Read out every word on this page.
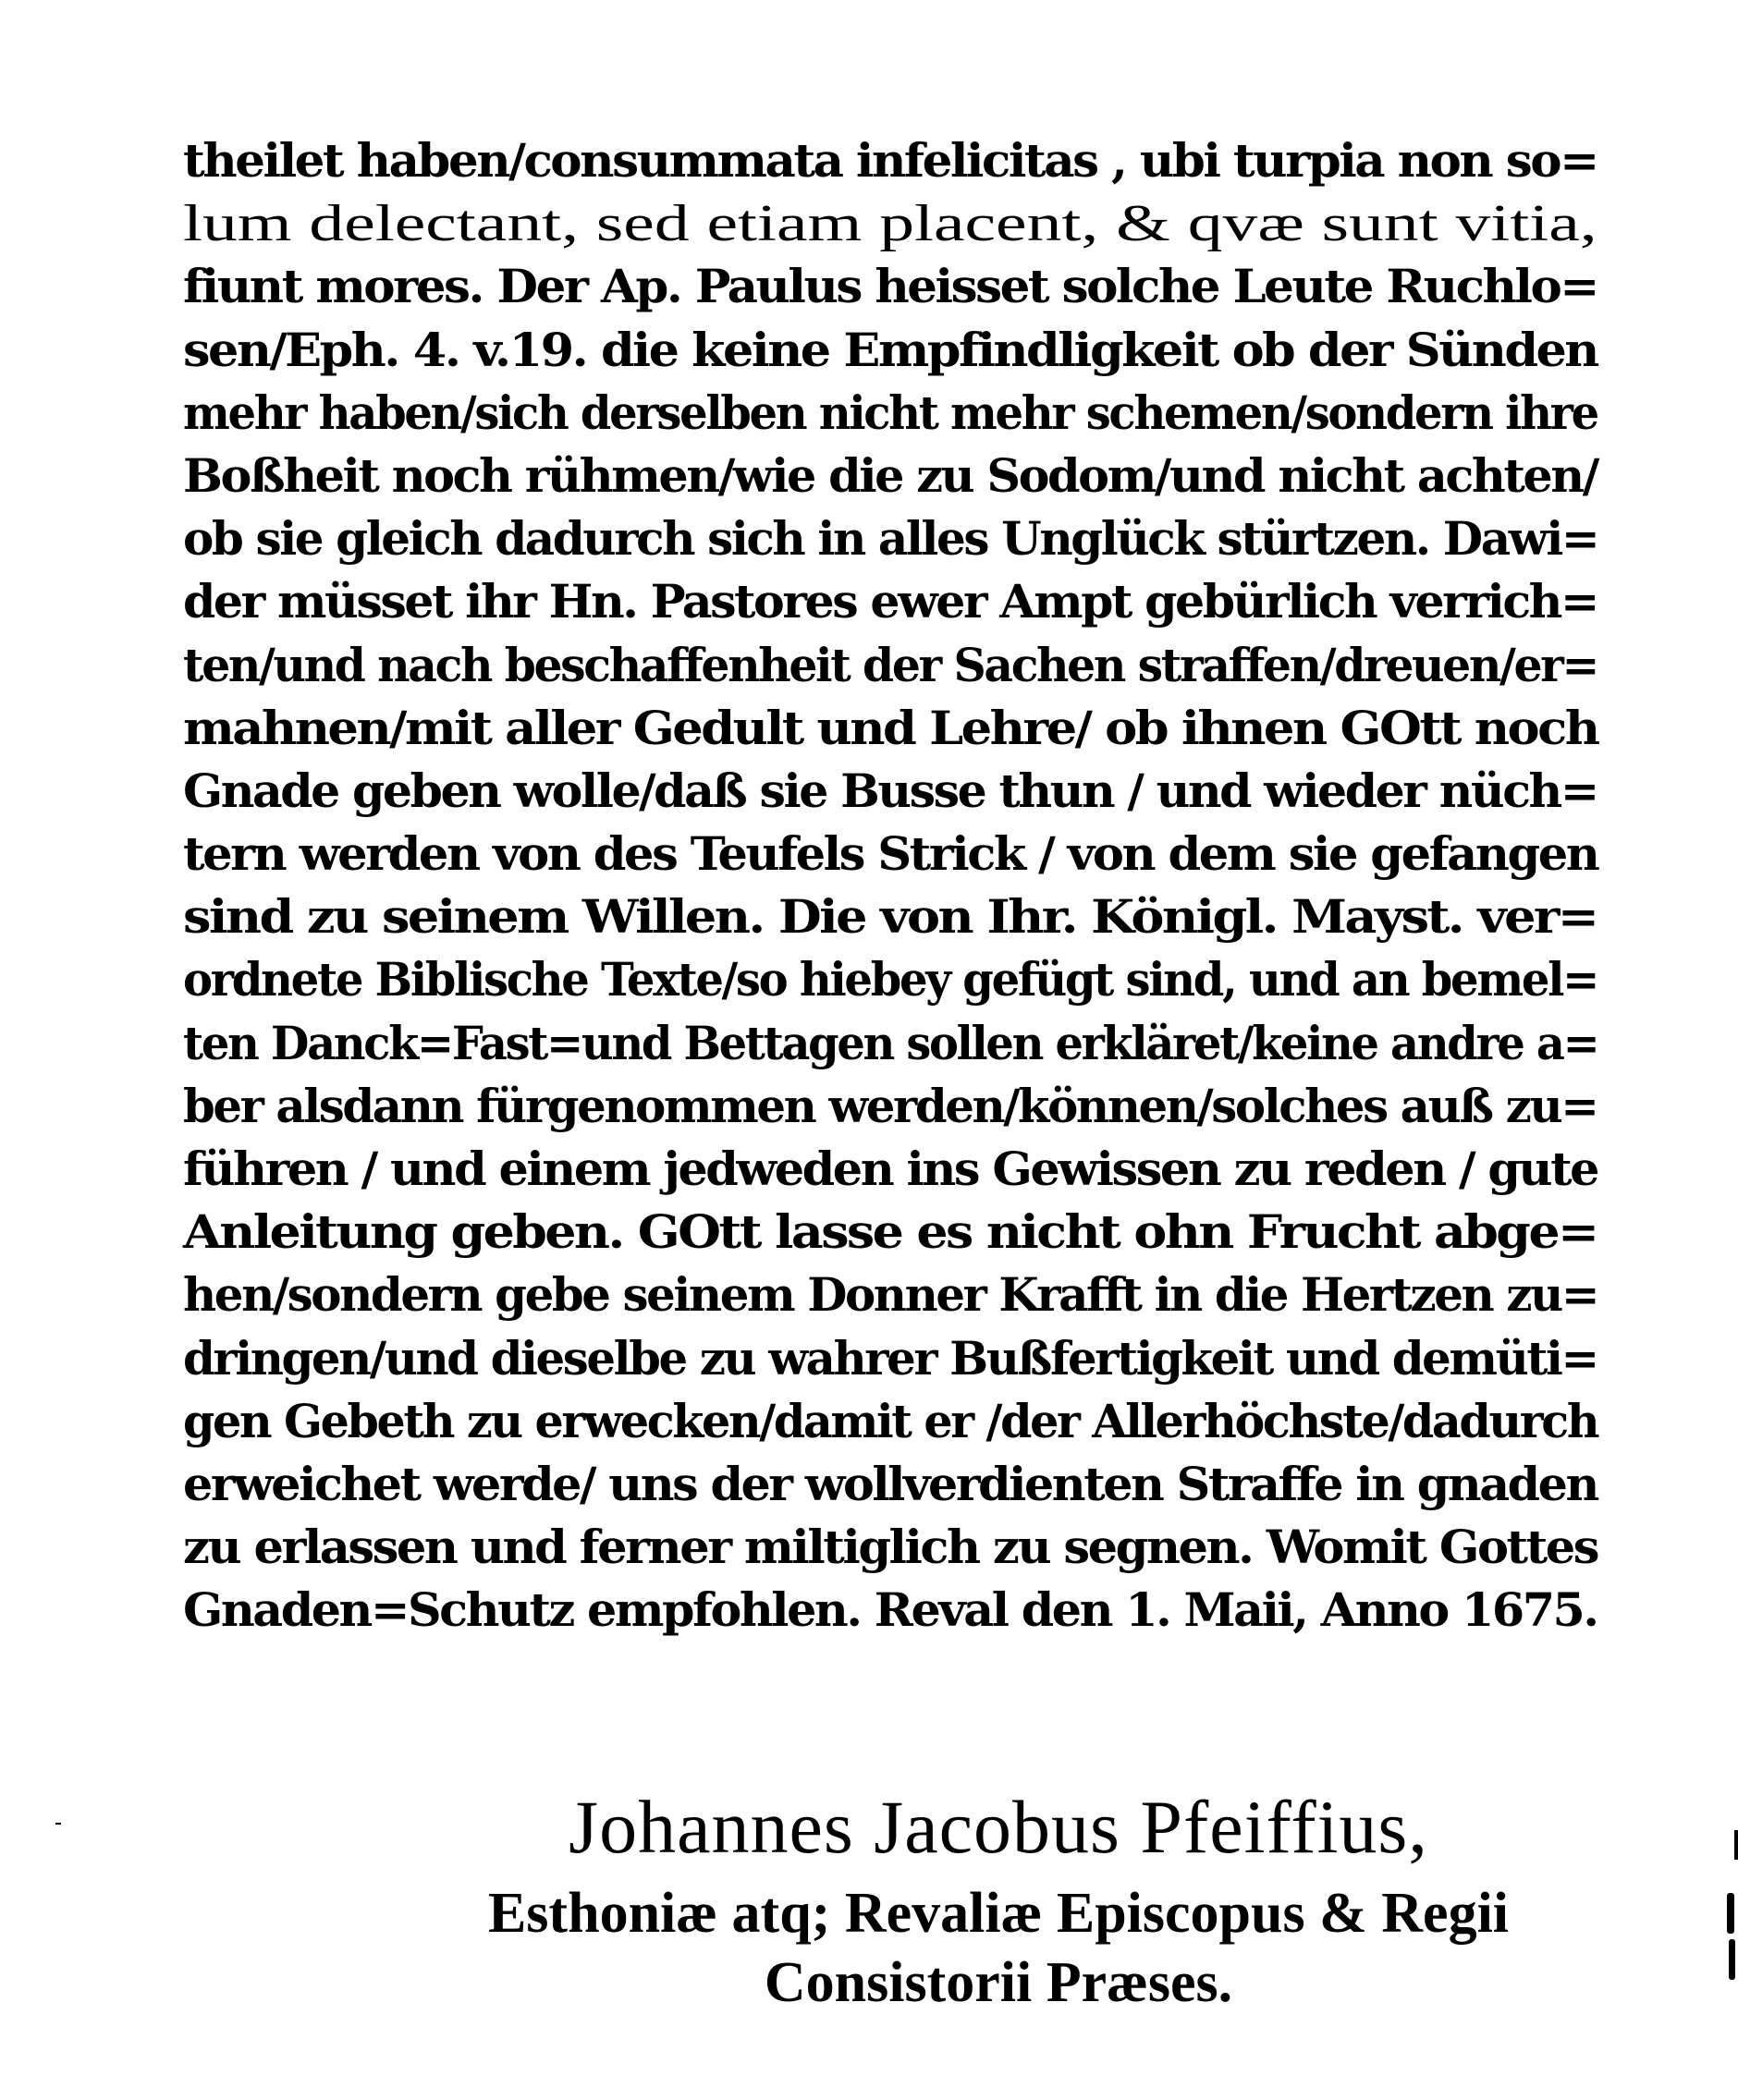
theilet haben/consummata infelicitas , ubi turpia non so=
lum delectant, sed etiam placent, & qvæ sunt vitia,
fiunt mores. Der Ap. Paulus heisset solche Leute Ruchlo=
sen/Eph. 4. v.19. die keine Empfindligkeit ob der Sünden
mehr haben/sich derselben nicht mehr schemen/sondern ihre
Boßheit noch rühmen/wie die zu Sodom/und nicht achten/
ob sie gleich dadurch sich in alles Unglück stürtzen. Dawi=
der müsset ihr Hn. Pastores ewer Ampt gebürlich verrich=
ten/und nach beschaffenheit der Sachen straffen/dreuen/er=
mahnen/mit aller Gedult und Lehre/ ob ihnen GOtt noch
Gnade geben wolle/daß sie Busse thun / und wieder nüch=
tern werden von des Teufels Strick / von dem sie gefangen
sind zu seinem Willen. Die von Ihr. Königl. Mayst. ver=
ordnete Biblische Texte/so hiebey gefügt sind, und an bemel=
ten Danck=Fast=und Bettagen sollen erkläret/keine andre a=
ber alsdann fürgenommen werden/können/solches auß zu=
führen / und einem jedweden ins Gewissen zu reden / gute
Anleitung geben. GOtt lasse es nicht ohn Frucht abge=
hen/sondern gebe seinem Donner Krafft in die Hertzen zu=
dringen/und dieselbe zu wahrer Bußfertigkeit und demüti=
gen Gebeth zu erwecken/damit er /der Allerhöchste/dadurch
erweichet werde/ uns der wollverdienten Straffe in gnaden
zu erlassen und ferner miltiglich zu segnen. Womit Gottes
Gnaden=Schutz empfohlen. Reval den 1. Maii, Anno 1675.
Johannes Jacobus Pfeiffius,
Esthoniæ atq; Revaliæ Episcopus & Regii
Consistorii Præses.
